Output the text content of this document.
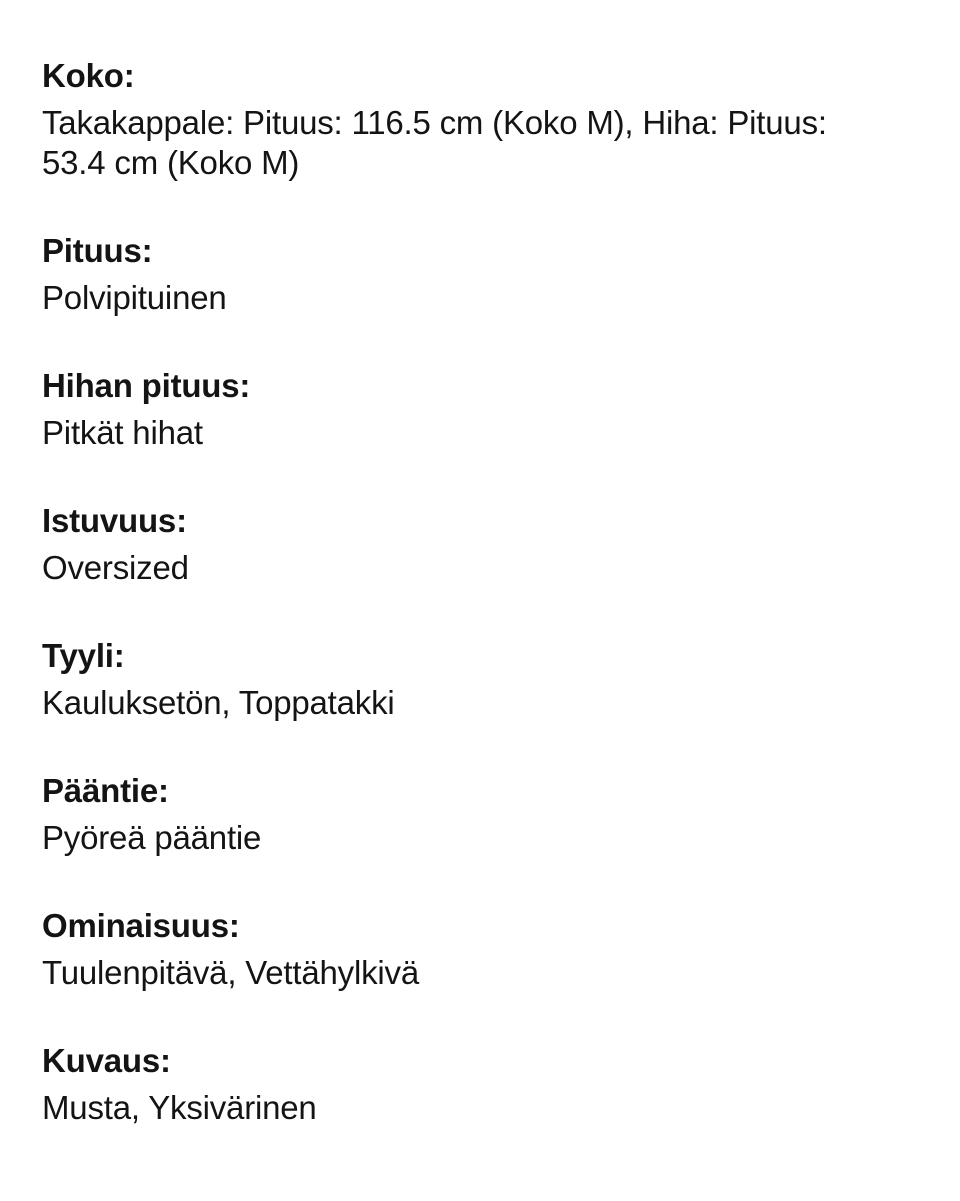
Koko:
Takakappale: Pituus: 116.5 cm (Koko M), Hiha: Pituus: 53.4 cm (Koko M)
Pituus:
Polvipituinen
Hihan pituus:
Pitkät hihat
Istuvuus:
Oversized
Tyyli:
Kauluksetön, Toppatakki
Pääntie:
Pyöreä pääntie
Ominaisuus:
Tuulenpitävä, Vettähylkivä
Kuvaus:
Musta, Yksivärinen
